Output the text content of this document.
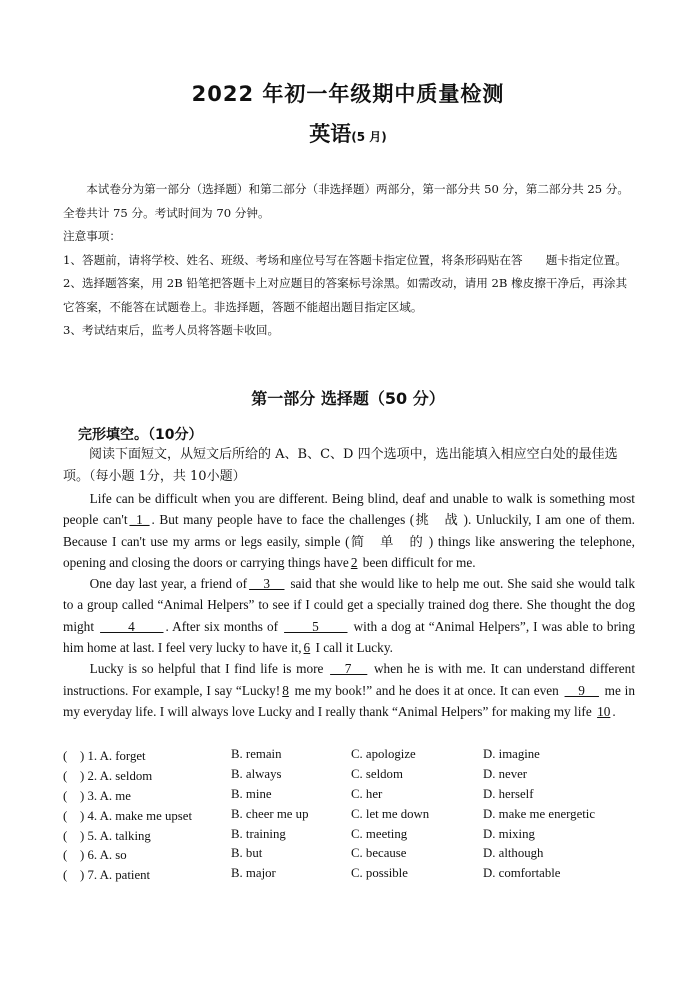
2022 年初一年级期中质量检测
英语(5 月)

本试卷分为第一部分（选择题）和第二部分（非选择题）两部分，第一部分共 50 分，第二部分共 25 分。全卷共计 75 分。考试时间为 70 分钟。

注意事项：

1、答题前，请将学校、姓名、班级、考场和座位号写在答题卡指定位置，将条形码贴在答　　题卡指定位置。

2、选择题答案，用 2B 铅笔把答题卡上对应题目的答案标号涂黑。如需改动，请用 2B 橡皮擦干净后，再涂其它答案，不能答在试题卷上。非选择题，答题不能超出题目指定区域。

3、考试结束后，监考人员将答题卡收回。

第一部分 选择题（50 分）
完形填空。（10分）
阅读下面短文，从短文后所给的 A、B、C、D 四个选项中，选出能填入相应空白处的最佳选项。（每小题 1分，共 10小题）

Life can be difficult when you are different. Being blind, deaf and unable to walk is something most people can't _1_ . But many people have to face the challenges (挑　战 ). Unluckily, I am one of them. Because I can't use my arms or legs easily, simple (简　单　的 ) things like answering the telephone, opening and closing the doors or carrying things have 2 been difficult for me.

One day last year, a friend of　3　 said that she would like to help me out. She said she would talk to a group called “Animal Helpers” to see if I could get a specially trained dog there. She thought the dog might 　　4　　. After six months of 　　5　　 with a dog at “Animal Helpers”, I was able to bring him home at last. I feel very lucky to have it, 6 I call it Lucky.

Lucky is so helpful that I find life is more 　7　 when he is with me. It can understand different instructions. For example, I say “Lucky! 8 me my book!” and he does it at once. It can even 　9　 me in my everyday life. I will always love Lucky and I really thank “Animal Helpers” for making my life 10 .

(　) 1. A. forget	B. remain	C. apologize	D. imagine
(　) 2. A. seldom	B. always	C. seldom	D. never
(　) 3. A. me	B. mine	C. her	D. herself
(　) 4. A. make me upset	B. cheer me up	C. let me down	D. make me energetic
(　) 5. A. talking	B. training	C. meeting	D. mixing
(　) 6. A. so	B. but	C. because	D. although
(　) 7. A. patient	B. major	C. possible	D. comfortable
